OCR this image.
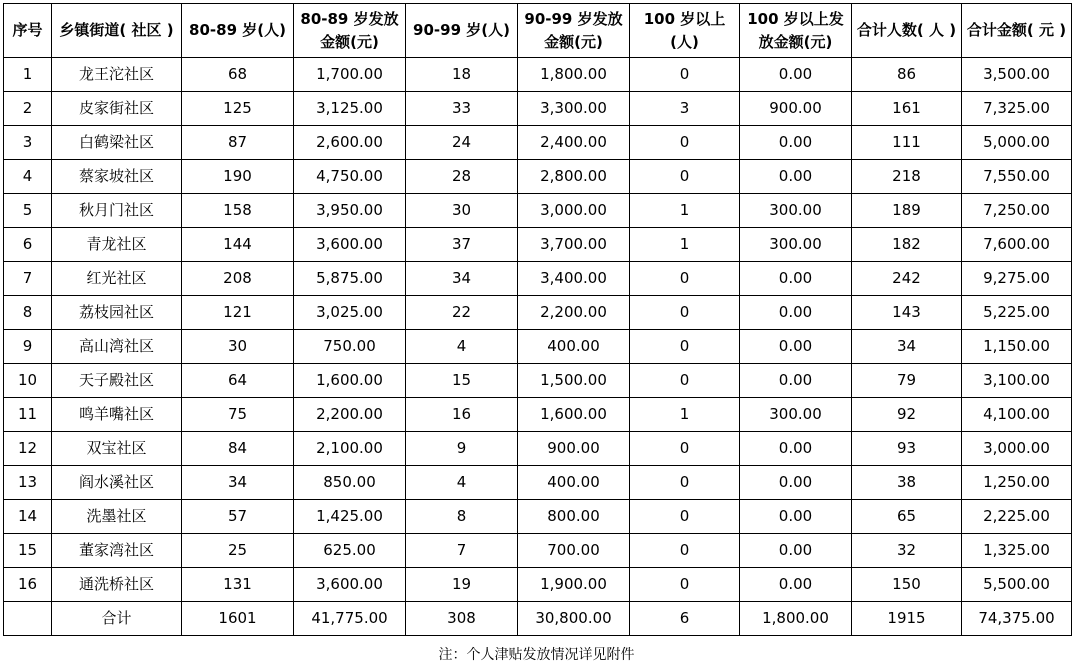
序号	乡镇街道( 社区 )	80-89 岁(人)	80-89 岁发放金额(元)	90-99 岁(人)	90-99 岁发放金额(元)	100 岁以上(人)	100 岁以上发放金额(元)	合计人数( 人 )	合计金额( 元 )
1	龙王沱社区	68	1,700.00	18	1,800.00	0	0.00	86	3,500.00
2	皮家街社区	125	3,125.00	33	3,300.00	3	900.00	161	7,325.00
3	白鹤梁社区	87	2,600.00	24	2,400.00	0	0.00	111	5,000.00
4	蔡家坡社区	190	4,750.00	28	2,800.00	0	0.00	218	7,550.00
5	秋月门社区	158	3,950.00	30	3,000.00	1	300.00	189	7,250.00
6	青龙社区	144	3,600.00	37	3,700.00	1	300.00	182	7,600.00
7	红光社区	208	5,875.00	34	3,400.00	0	0.00	242	9,275.00
8	荔枝园社区	121	3,025.00	22	2,200.00	0	0.00	143	5,225.00
9	高山湾社区	30	750.00	4	400.00	0	0.00	34	1,150.00
10	天子殿社区	64	1,600.00	15	1,500.00	0	0.00	79	3,100.00
11	鸣羊嘴社区	75	2,200.00	16	1,600.00	1	300.00	92	4,100.00
12	双宝社区	84	2,100.00	9	900.00	0	0.00	93	3,000.00
13	阎水溪社区	34	850.00	4	400.00	0	0.00	38	1,250.00
14	洗墨社区	57	1,425.00	8	800.00	0	0.00	65	2,225.00
15	董家湾社区	25	625.00	7	700.00	0	0.00	32	1,325.00
16	通洗桥社区	131	3,600.00	19	1,900.00	0	0.00	150	5,500.00
	合计	1601	41,775.00	308	30,800.00	6	1,800.00	1915	74,375.00
注：个人津贴发放情况详见附件
